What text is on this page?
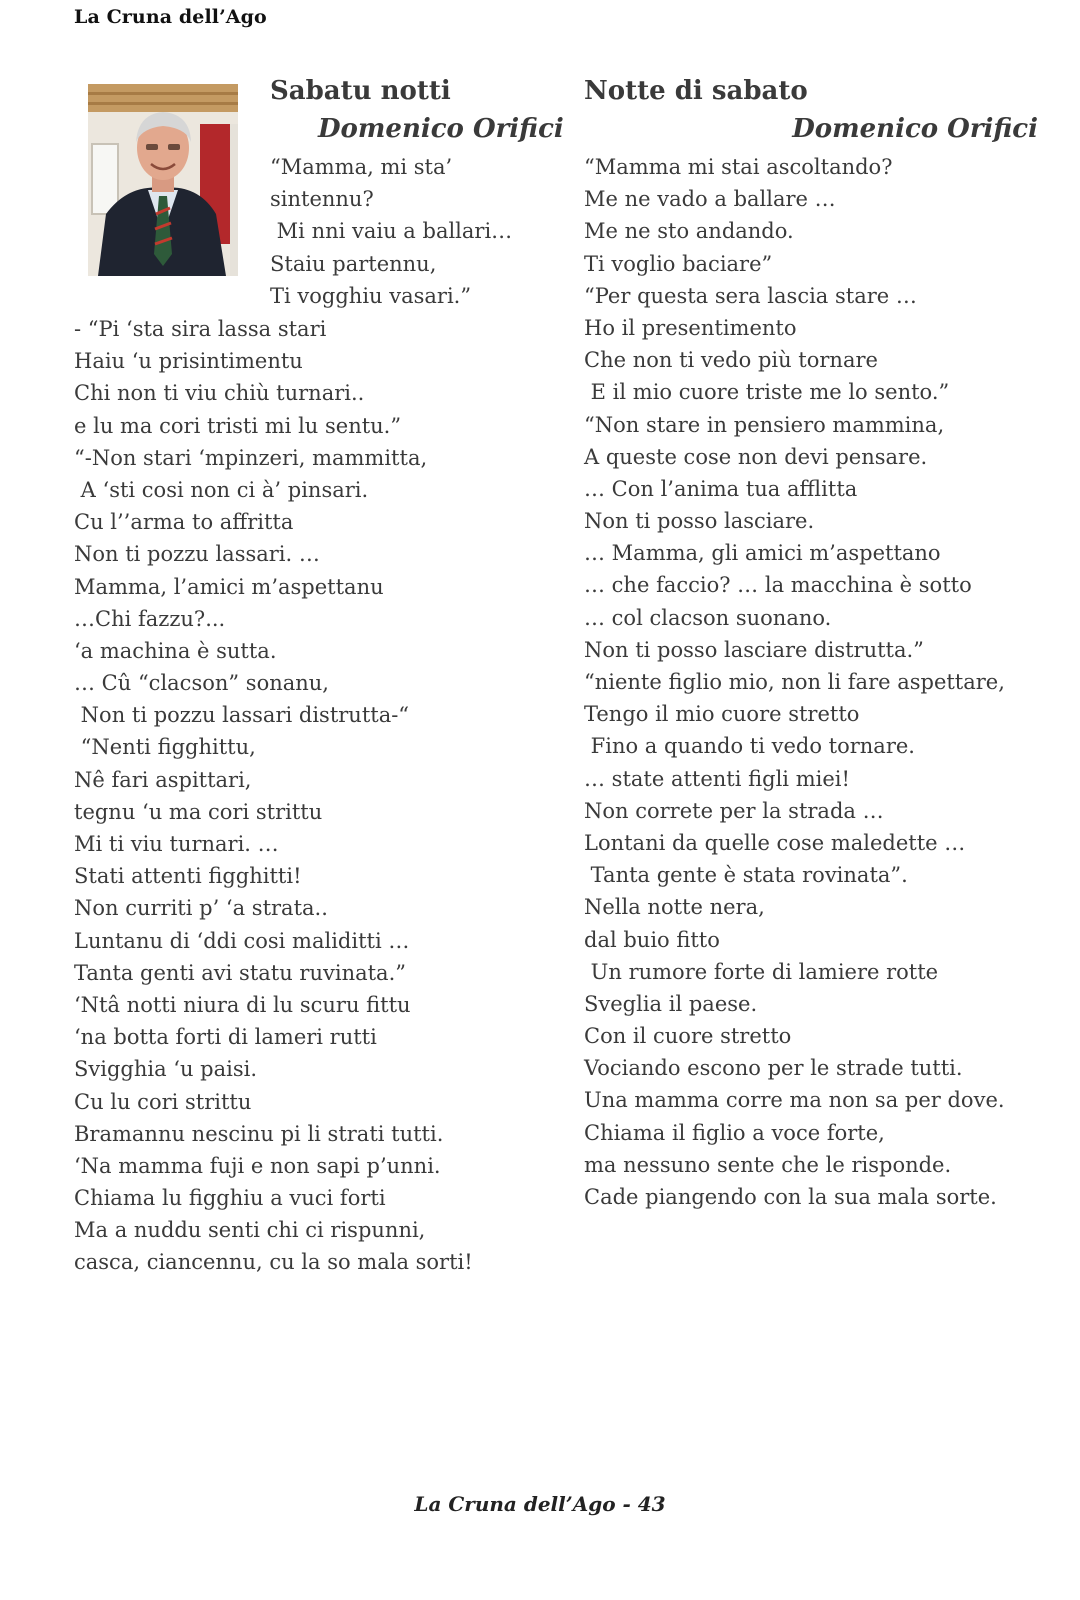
La Cruna dell’Ago
Sabatu notti
Domenico Orifici
Notte di sabato
Domenico Orifici
“Mamma, mi sta’
sintennu?
Mi nni vaiu a ballari…
Staiu partennu,
Ti vogghiu vasari.”
- “Pi ‘sta sira lassa stari
Haiu ‘u prisintimentu
Chi non ti viu chiù turnari..
e lu ma cori tristi mi lu sentu.”
“-Non stari ‘mpinzeri, mammitta,
A ‘sti cosi non ci à’ pinsari.
Cu l’’arma to affritta
Non ti pozzu lassari. …
Mamma, l’amici m’aspettanu
…Chi fazzu?...
‘a machina è sutta.
… Cû “clacson” sonanu,
Non ti pozzu lassari distrutta-“
“Nenti figghittu,
Nê fari aspittari,
tegnu ‘u ma cori strittu
Mi ti viu turnari. …
Stati attenti figghitti!
Non curriti p’ ‘a strata..
Luntanu di ‘ddi cosi maliditti …
Tanta genti avi statu ruvinata.”
‘Ntâ notti niura di lu scuru fittu
‘na botta forti di lameri rutti
Svigghia ‘u paisi.
Cu lu cori strittu
Bramannu nescinu pi li strati tutti.
‘Na mamma fuji e non sapi p’unni.
Chiama lu figghiu a vuci forti
Ma a nuddu senti chi ci rispunni,
casca, ciancennu, cu la so mala sorti!
“Mamma mi stai ascoltando?
Me ne vado a ballare …
Me ne sto andando.
Ti voglio baciare”
“Per questa sera lascia stare …
Ho il presentimento
Che non ti vedo più tornare
E il mio cuore triste me lo sento.”
“Non stare in pensiero mammina,
A queste cose non devi pensare.
… Con l’anima tua afflitta
Non ti posso lasciare.
… Mamma, gli amici m’aspettano
… che faccio? … la macchina è sotto
… col clacson suonano.
Non ti posso lasciare distrutta.”
“niente figlio mio, non li fare aspettare,
Tengo il mio cuore stretto
Fino a quando ti vedo tornare.
… state attenti figli miei!
Non correte per la strada …
Lontani da quelle cose maledette …
Tanta gente è stata rovinata”.
Nella notte nera,
dal buio fitto
Un rumore forte di lamiere rotte
Sveglia il paese.
Con il cuore stretto
Vociando escono per le strade tutti.
Una mamma corre ma non sa per dove.
Chiama il figlio a voce forte,
ma nessuno sente che le risponde.
Cade piangendo con la sua mala sorte.
La Cruna dell’Ago - 43
